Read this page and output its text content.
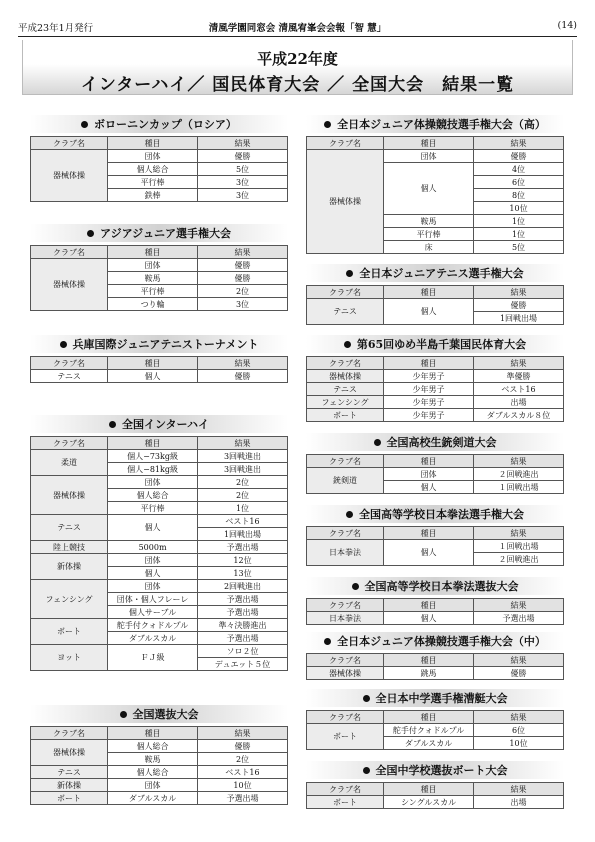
平成23年1月発行	清風学園同窓会 清風宥峯会会報「智 慧」	(14)
平成22年度
インターハイ／ 国民体育大会 ／ 全国大会　結果一覧
ボローニンカップ（ロシア）
クラブ名	種目	結果
器械体操	団体	優勝
	個人総合	5位
	平行棒	3位
	鉄棒	3位
アジアジュニア選手権大会
クラブ名	種目	結果
器械体操	団体	優勝
	鞍馬	優勝
	平行棒	2位
	つり輪	3位
兵庫国際ジュニアテニストーナメント
クラブ名	種目	結果
テニス	個人	優勝
全国インターハイ
クラブ名	種目	結果
柔道	個人−73kg級	3回戦進出
	個人−81kg級	3回戦進出
器械体操	団体	2位
	個人総合	2位
	平行棒	1位
テニス	個人	ベスト16
		1回戦出場
陸上競技	5000m	予選出場
新体操	団体	12位
	個人	13位
フェンシング	団体	2回戦進出
	団体・個人フレーレ	予選出場
	個人サーブル	予選出場
ボート	舵手付クォドルプル	準々決勝進出
	ダブルスカル	予選出場
ヨット	ＦＪ級	ソロ２位
		デュエット５位
全国選抜大会
クラブ名	種目	結果
器械体操	個人総合	優勝
	鞍馬	2位
テニス	個人総合	ベスト16
新体操	団体	10位
ボート	ダブルスカル	予選出場
全日本ジュニア体操競技選手権大会（高）
クラブ名	種目	結果
器械体操	団体	優勝
	個人	4位
		6位
		8位
		10位
	鞍馬	1位
	平行棒	1位
	床	5位
全日本ジュニアテニス選手権大会
クラブ名	種目	結果
テニス	個人	優勝
		1回戦出場
第65回ゆめ半島千葉国民体育大会
クラブ名	種目	結果
器械体操	少年男子	準優勝
テニス	少年男子	ベスト16
フェンシング	少年男子	出場
ボート	少年男子	ダブルスカル８位
全国高校生銃剣道大会
クラブ名	種目	結果
銃剣道	団体	２回戦進出
	個人	１回戦出場
全国高等学校日本拳法選手権大会
クラブ名	種目	結果
日本拳法	個人	１回戦出場
		２回戦進出
全国高等学校日本拳法選抜大会
クラブ名	種目	結果
日本拳法	個人	予選出場
全日本ジュニア体操競技選手権大会（中）
クラブ名	種目	結果
器械体操	跳馬	優勝
全日本中学選手権漕艇大会
クラブ名	種目	結果
ボート	舵手付クォドルプル	6位
	ダブルスカル	10位
全国中学校選抜ボート大会
クラブ名	種目	結果
ボート	シングルスカル	出場
